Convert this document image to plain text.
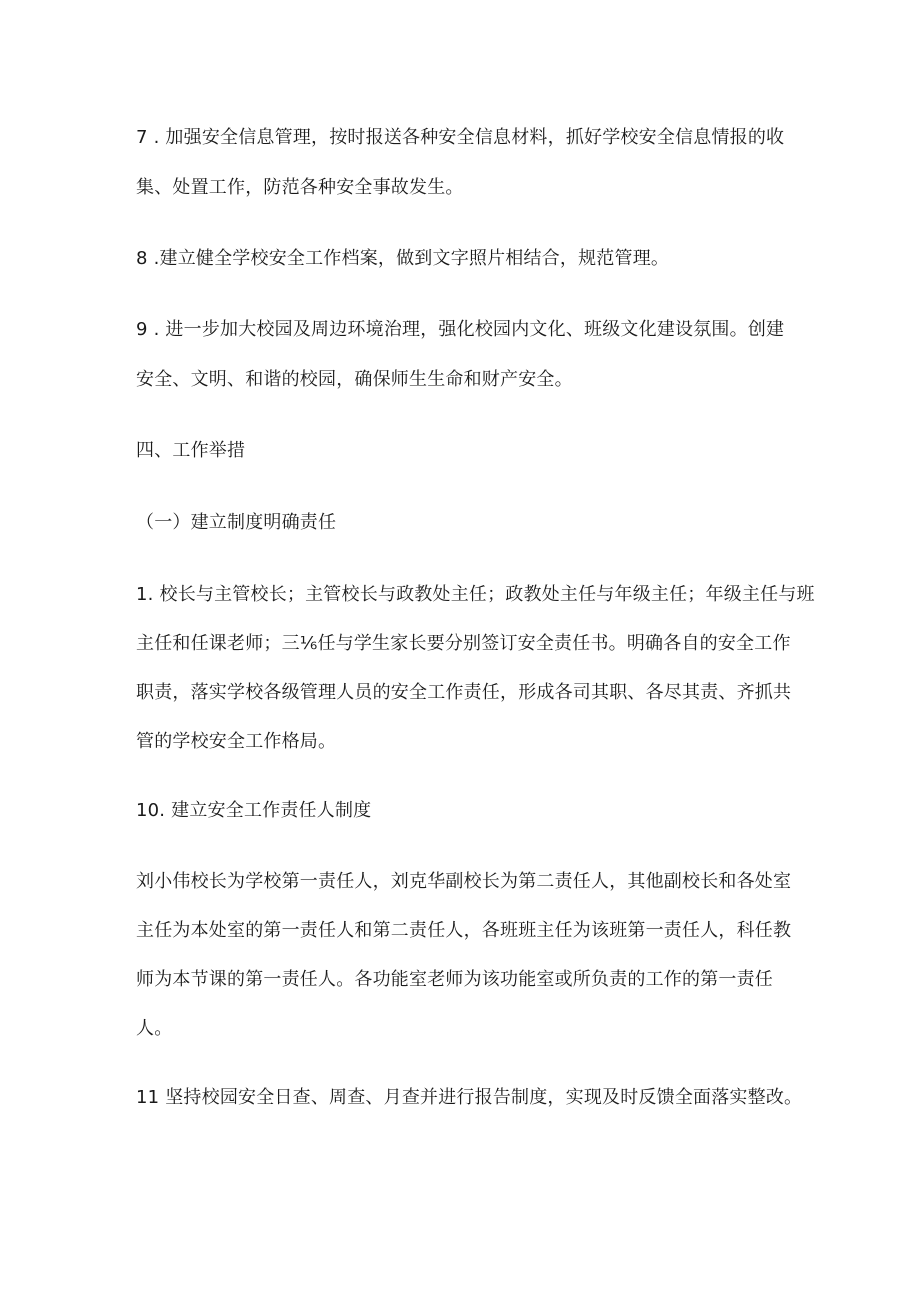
7 . 加强安全信息管理，按时报送各种安全信息材料，抓好学校安全信息情报的收
集、处置工作，防范各种安全事故发生。
8 .建立健全学校安全工作档案，做到文字照片相结合，规范管理。
9 . 进一步加大校园及周边环境治理，强化校园内文化、班级文化建设氛围。创建
安全、文明、和谐的校园，确保师生生命和财产安全。
四、工作举措
（一）建立制度明确责任
1. 校长与主管校长；主管校长与政教处主任；政教处主任与年级主任；年级主任与班
主任和任课老师；三⅙任与学生家长要分别签订安全责任书。明确各自的安全工作
职责，落实学校各级管理人员的安全工作责任，形成各司其职、各尽其责、齐抓共
管的学校安全工作格局。
10. 建立安全工作责任人制度
刘小伟校长为学校第一责任人，刘克华副校长为第二责任人，其他副校长和各处室
主任为本处室的第一责任人和第二责任人，各班班主任为该班第一责任人，科任教
师为本节课的第一责任人。各功能室老师为该功能室或所负责的工作的第一责任
人。
11 坚持校园安全日查、周查、月查并进行报告制度，实现及时反馈全面落实整改。
